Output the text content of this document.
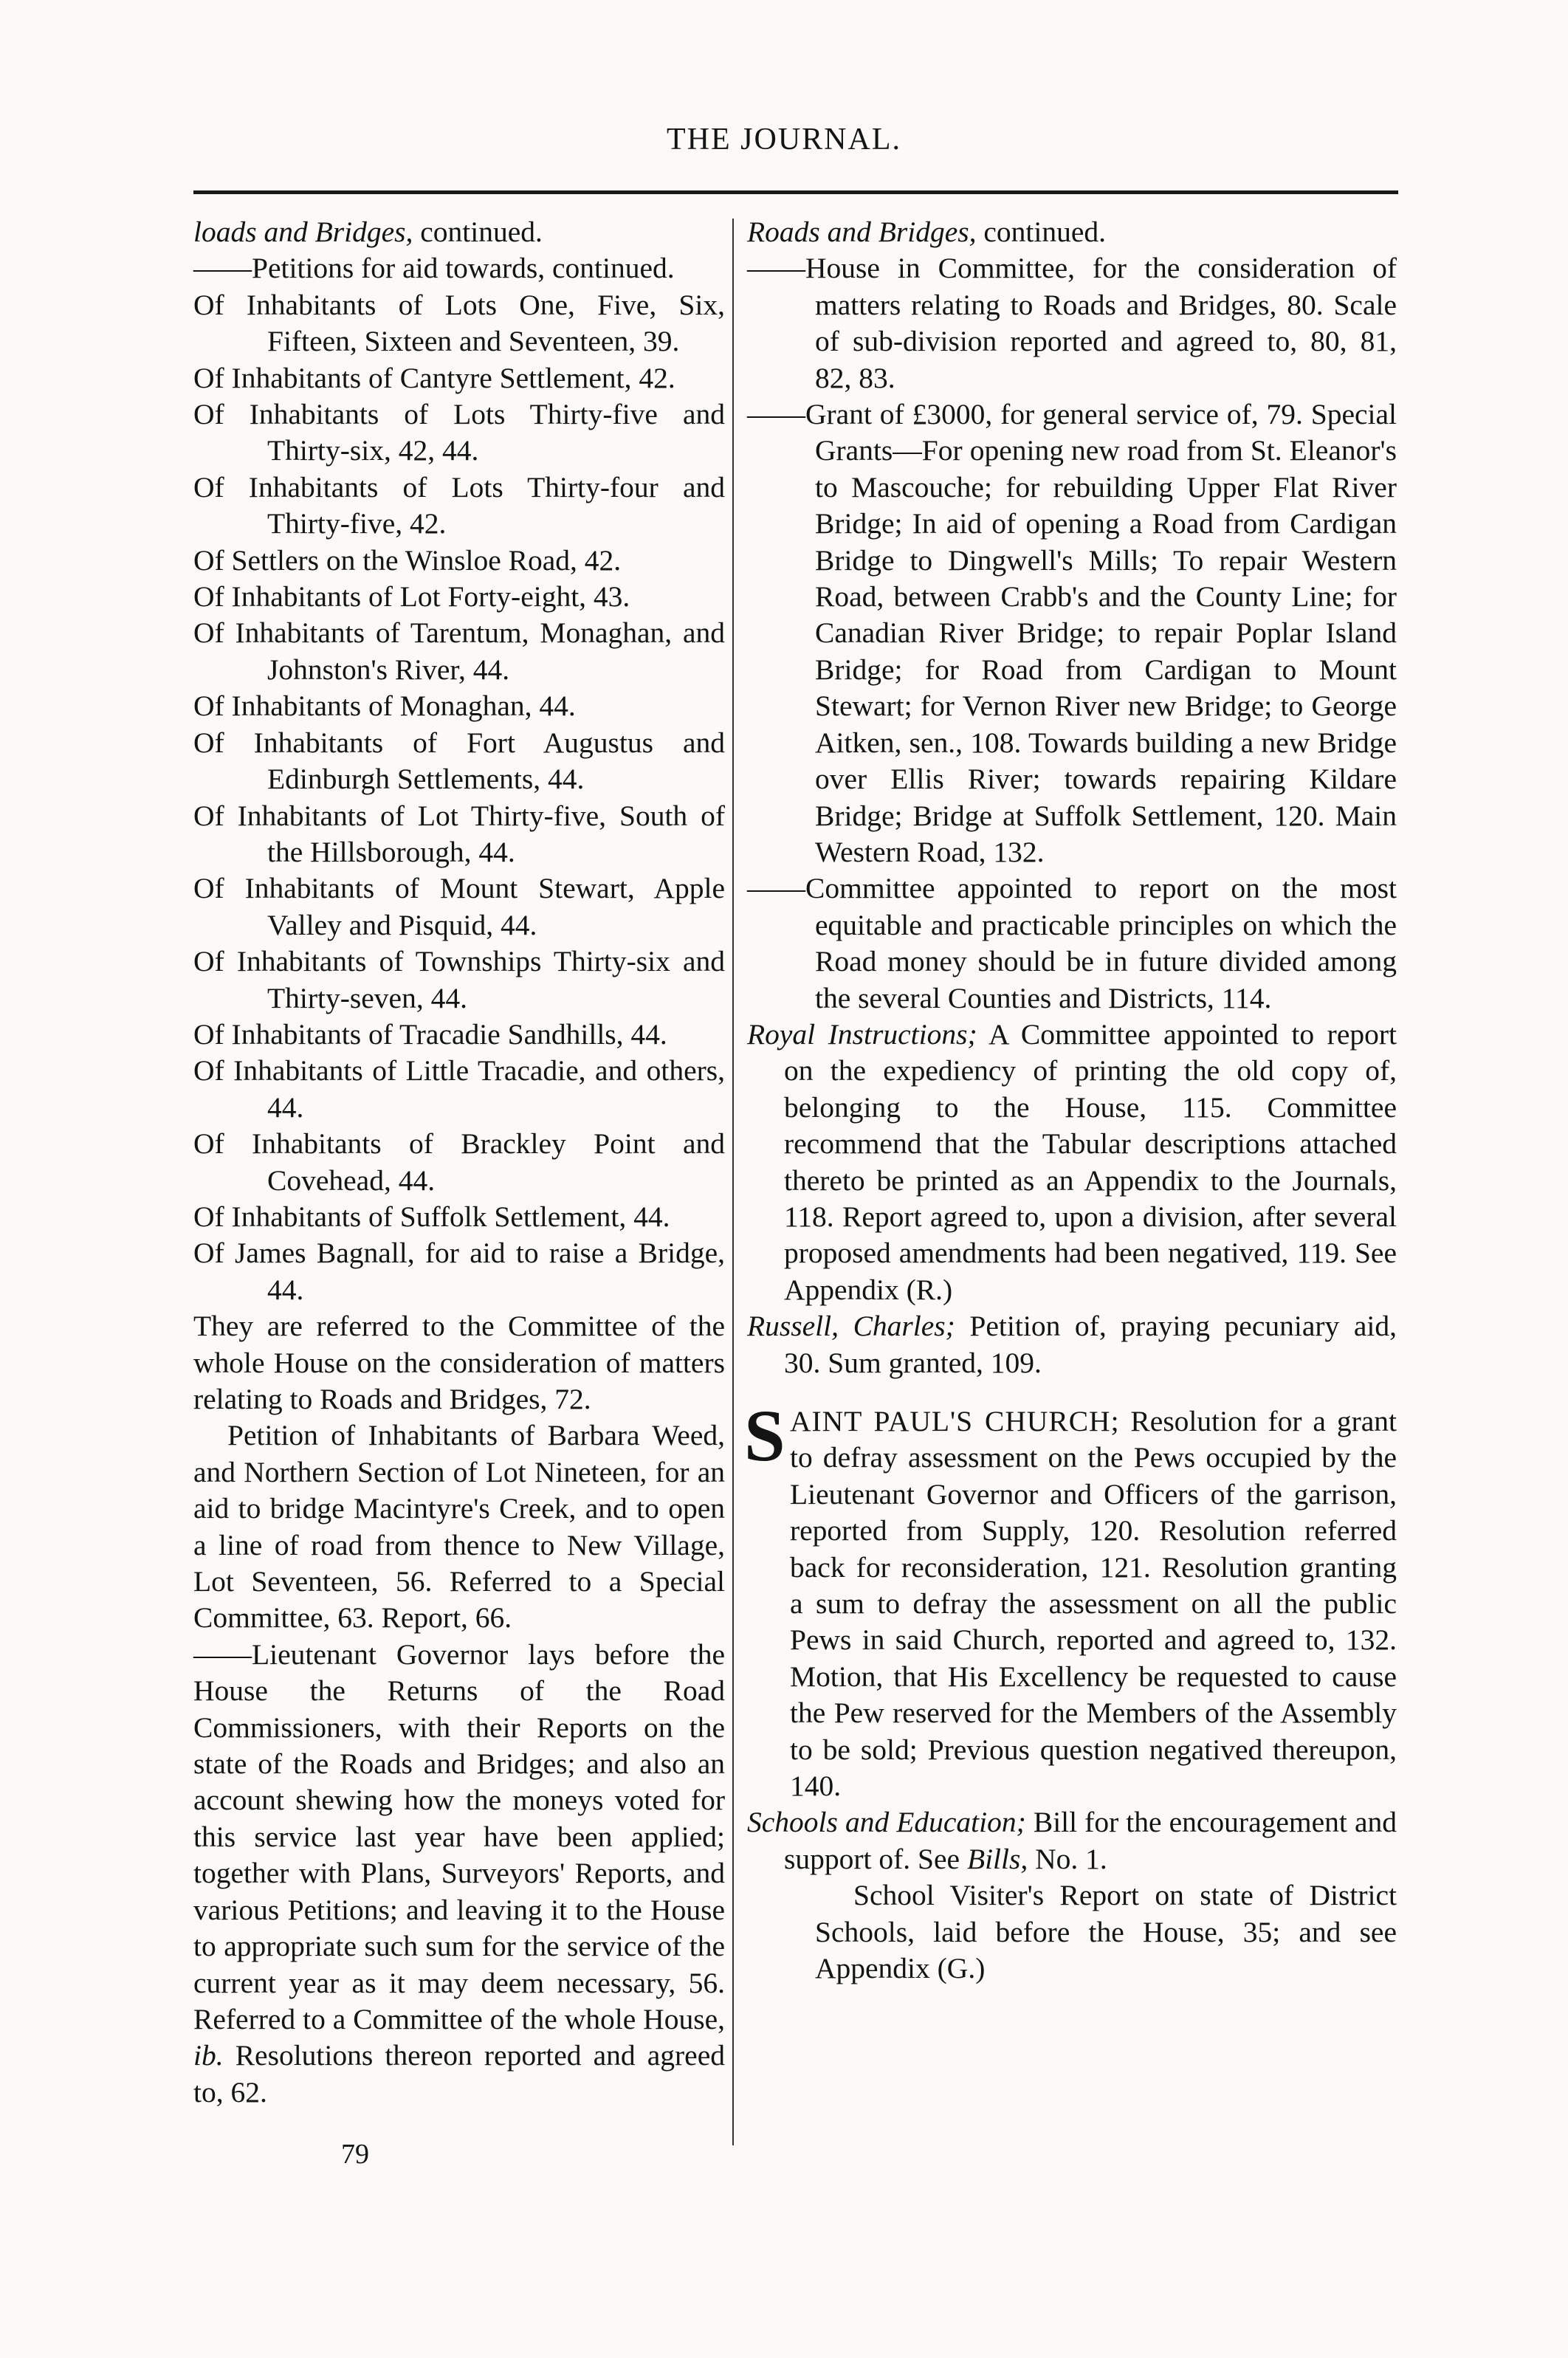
THE JOURNAL.
loads and Bridges, continued.
——Petitions for aid towards, continued.
Of Inhabitants of Lots One, Five, Six, Fifteen, Sixteen and Seventeen, 39.
Of Inhabitants of Cantyre Settlement, 42.
Of Inhabitants of Lots Thirty-five and Thirty-six, 42, 44.
Of Inhabitants of Lots Thirty-four and Thirty-five, 42.
Of Settlers on the Winsloe Road, 42.
Of Inhabitants of Lot Forty-eight, 43.
Of Inhabitants of Tarentum, Monaghan, and Johnston's River, 44.
Of Inhabitants of Monaghan, 44.
Of Inhabitants of Fort Augustus and Edinburgh Settlements, 44.
Of Inhabitants of Lot Thirty-five, South of the Hillsborough, 44.
Of Inhabitants of Mount Stewart, Apple Valley and Pisquid, 44.
Of Inhabitants of Townships Thirty-six and Thirty-seven, 44.
Of Inhabitants of Tracadie Sandhills, 44.
Of Inhabitants of Little Tracadie, and others, 44.
Of Inhabitants of Brackley Point and Covehead, 44.
Of Inhabitants of Suffolk Settlement, 44.
Of James Bagnall, for aid to raise a Bridge, 44.
They are referred to the Committee of the whole House on the consideration of matters relating to Roads and Bridges, 72.
Petition of Inhabitants of Barbara Weed, and Northern Section of Lot Nineteen, for an aid to bridge Macintyre's Creek, and to open a line of road from thence to New Village, Lot Seventeen, 56. Referred to a Special Committee, 63. Report, 66.
——Lieutenant Governor lays before the House the Returns of the Road Commissioners, with their Reports on the state of the Roads and Bridges; and also an account shewing how the moneys voted for this service last year have been applied; together with Plans, Surveyors' Reports, and various Petitions; and leaving it to the House to appropriate such sum for the service of the current year as it may deem necessary, 56. Referred to a Committee of the whole House, ib. Resolutions thereon reported and agreed to, 62.
Roads and Bridges, continued.
——House in Committee, for the consideration of matters relating to Roads and Bridges, 80. Scale of sub-division reported and agreed to, 80, 81, 82, 83.
——Grant of £3000, for general service of, 79. Special Grants—For opening new road from St. Eleanor's to Mascouche; for rebuilding Upper Flat River Bridge; In aid of opening a Road from Cardigan Bridge to Dingwell's Mills; To repair Western Road, between Crabb's and the County Line; for Canadian River Bridge; to repair Poplar Island Bridge; for Road from Cardigan to Mount Stewart; for Vernon River new Bridge; to George Aitken, sen., 108. Towards building a new Bridge over Ellis River; towards repairing Kildare Bridge; Bridge at Suffolk Settlement, 120. Main Western Road, 132.
——Committee appointed to report on the most equitable and practicable principles on which the Road money should be in future divided among the several Counties and Districts, 114.
Royal Instructions; A Committee appointed to report on the expediency of printing the old copy of, belonging to the House, 115. Committee recommend that the Tabular descriptions attached thereto be printed as an Appendix to the Journals, 118. Report agreed to, upon a division, after several proposed amendments had been negatived, 119. See Appendix (R.)
Russell, Charles; Petition of, praying pecuniary aid, 30. Sum granted, 109.
S AINT PAUL'S CHURCH; Resolution for a grant to defray assessment on the Pews occupied by the Lieutenant Governor and Officers of the garrison, reported from Supply, 120. Resolution referred back for reconsideration, 121. Resolution granting a sum to defray the assessment on all the public Pews in said Church, reported and agreed to, 132. Motion, that His Excellency be requested to cause the Pew reserved for the Members of the Assembly to be sold; Previous question negatived thereupon, 140.
Schools and Education; Bill for the encouragement and support of. See Bills, No. 1.
School Visiter's Report on state of District Schools, laid before the House, 35; and see Appendix (G.)
79
